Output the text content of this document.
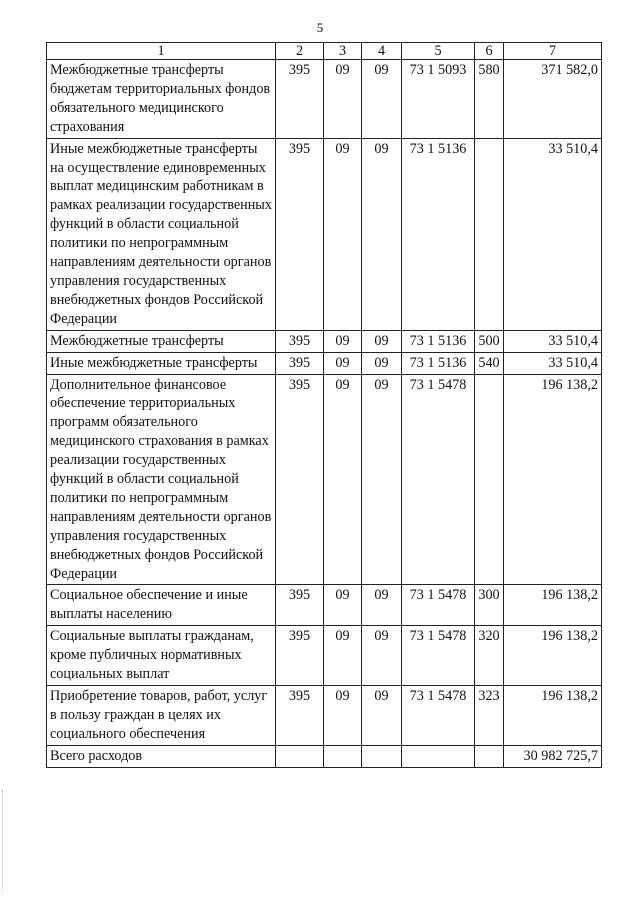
5
1	2	3	4	5	6	7
Межбюджетные трансферты бюджетам территориальных фондов обязательного медицинского страхования	395	09	09	73 1 5093	580	371 582,0
Иные межбюджетные трансферты на осуществление единовременных выплат медицинским работникам в рамках реализации государственных функций в области социальной политики по непрограммным направлениям деятельности органов управления государственных внебюджетных фондов Российской Федерации	395	09	09	73 1 5136		33 510,4
Межбюджетные трансферты	395	09	09	73 1 5136	500	33 510,4
Иные межбюджетные трансферты	395	09	09	73 1 5136	540	33 510,4
Дополнительное финансовое обеспечение территориальных программ обязательного медицинского страхования в рамках реализации государственных функций в области социальной политики по непрограммным направлениям деятельности органов управления государственных внебюджетных фондов Российской Федерации	395	09	09	73 1 5478		196 138,2
Социальное обеспечение и иные выплаты населению	395	09	09	73 1 5478	300	196 138,2
Социальные выплаты гражданам, кроме публичных нормативных социальных выплат	395	09	09	73 1 5478	320	196 138,2
Приобретение товаров, работ, услуг в пользу граждан в целях их социального обеспечения	395	09	09	73 1 5478	323	196 138,2
Всего расходов						30 982 725,7
